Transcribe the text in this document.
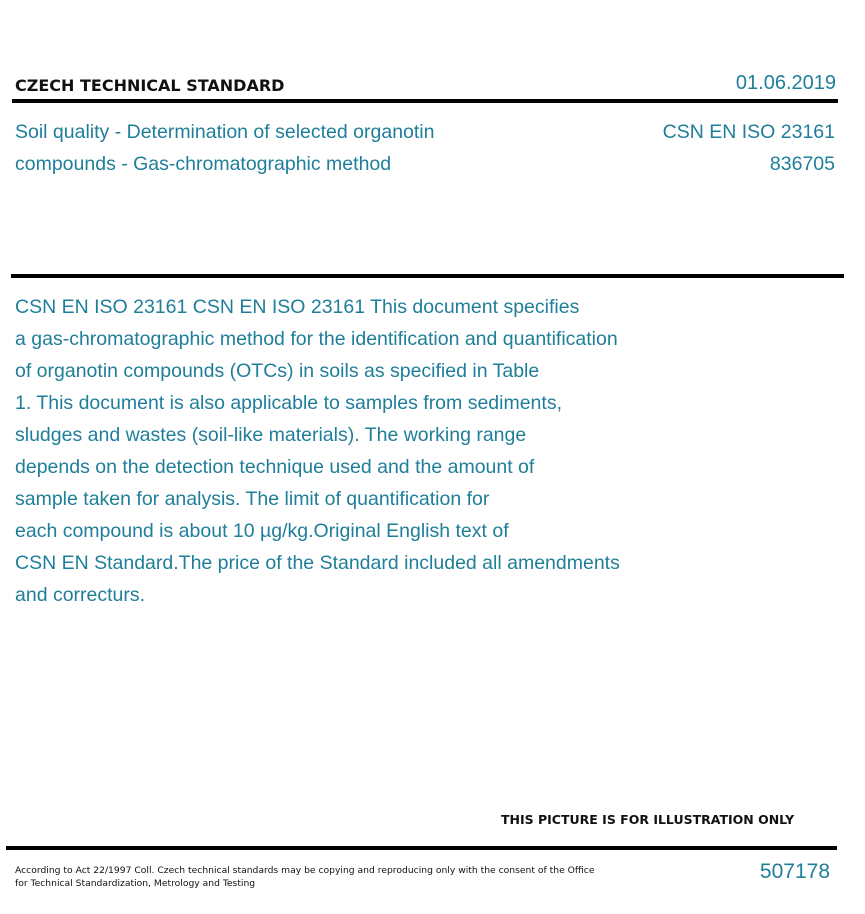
CZECH TECHNICAL STANDARD	01.06.2019
Soil quality - Determination of selected organotin compounds - Gas-chromatographic method
CSN EN ISO 23161
836705
CSN EN ISO 23161 CSN EN ISO 23161 This document specifies
a gas-chromatographic method for the identification and quantification
of organotin compounds (OTCs) in soils as specified in Table
1. This document is also applicable to samples from sediments,
sludges and wastes (soil-like materials). The working range
depends on the detection technique used and the amount of
sample taken for analysis. The limit of quantification for
each compound is about 10 µg/kg.Original English text of
CSN EN Standard.The price of the Standard included all amendments
and correcturs.
THIS PICTURE IS FOR ILLUSTRATION ONLY
According to Act 22/1997 Coll. Czech technical standards may be copying and reproducing only with the consent of the Office
for Technical Standardization, Metrology and Testing
507178
